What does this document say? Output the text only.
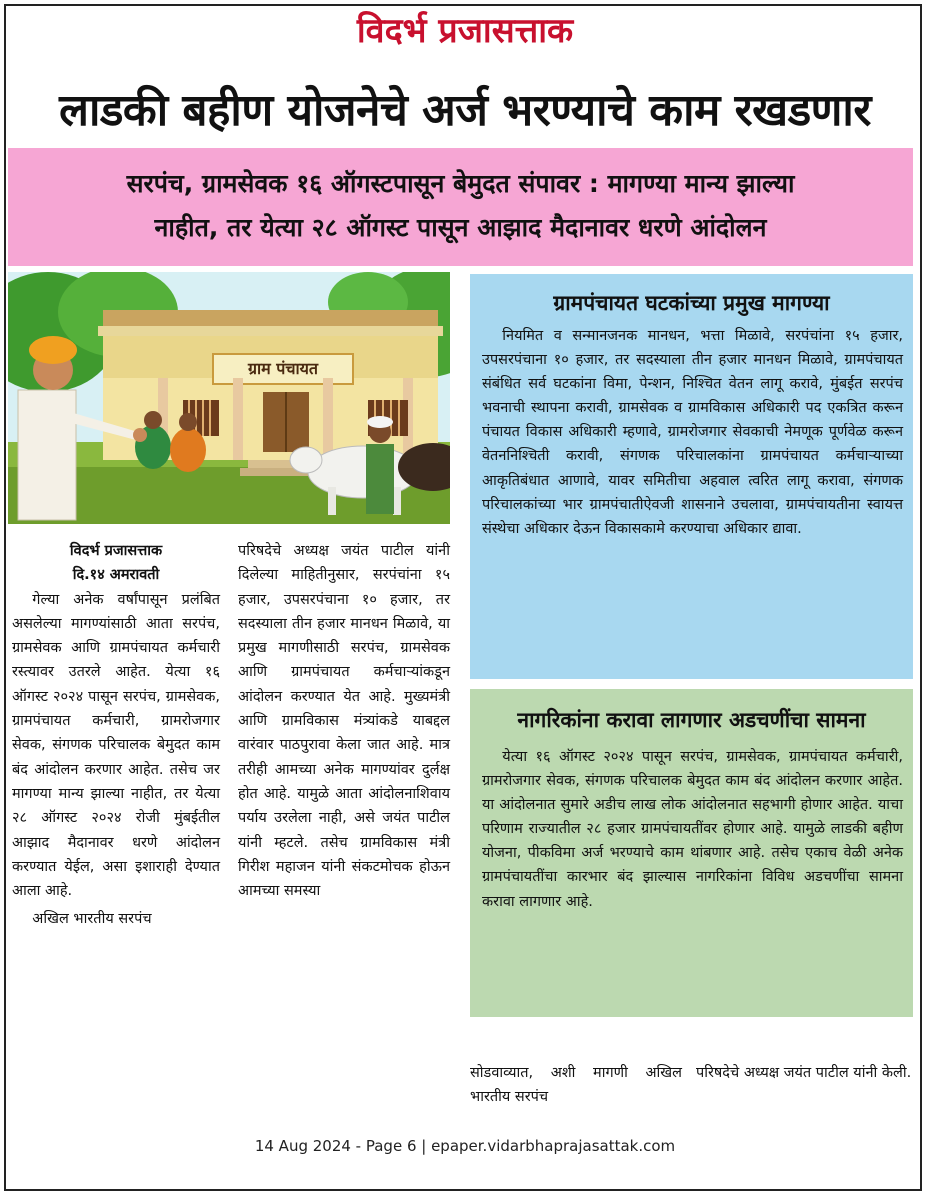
विदर्भ प्रजासत्ताक
लाडकी बहीण योजनेचे अर्ज भरण्याचे काम रखडणार
सरपंच, ग्रामसेवक १६ ऑगस्टपासून बेमुदत संपावर : मागण्या मान्य झाल्या
नाहीत, तर येत्या २८ ऑगस्ट पासून आझाद मैदानावर धरणे आंदोलन
ग्राम पंचायत

विदर्भ प्रजासत्ताक

दि.१४ अमरावती

गेल्या अनेक वर्षांपासून प्रलंबित असलेल्या मागण्यांसाठी आता सरपंच, ग्रामसेवक आणि ग्रामपंचायत कर्मचारी रस्त्यावर उतरले आहेत. येत्या १६ ऑगस्ट २०२४ पासून सरपंच, ग्रामसेवक, ग्रामपंचायत कर्मचारी, ग्रामरोजगार सेवक, संगणक परिचालक बेमुदत काम बंद आंदोलन करणार आहेत. तसेच जर मागण्या मान्य झाल्या नाहीत, तर येत्या २८ ऑगस्ट २०२४ रोजी मुंबईतील आझाद मैदानावर धरणे आंदोलन करण्यात येईल, असा इशाराही देण्यात आला आहे.

अखिल भारतीय सरपंच

परिषदेचे अध्यक्ष जयंत पाटील यांनी दिलेल्या माहितीनुसार, सरपंचांना १५ हजार, उपसरपंचाना १० हजार, तर सदस्याला तीन हजार मानधन मिळावे, या प्रमुख मागणीसाठी सरपंच, ग्रामसेवक आणि ग्रामपंचायत कर्मचाऱ्यांकडून आंदोलन करण्यात येत आहे. मुख्यमंत्री आणि ग्रामविकास मंत्र्यांकडे याबद्दल वारंवार पाठपुरावा केला जात आहे. मात्र तरीही आमच्या अनेक मागण्यांवर दुर्लक्ष होत आहे. यामुळे आता आंदोलनाशिवाय पर्याय उरलेला नाही, असे जयंत पाटील यांनी म्हटले. तसेच ग्रामविकास मंत्री गिरीश महाजन यांनी संकटमोचक होऊन आमच्या समस्या

ग्रामपंचायत घटकांच्या प्रमुख मागण्या
नियमित व सन्मानजनक मानधन, भत्ता मिळावे, सरपंचांना १५ हजार, उपसरपंचाना १० हजार, तर सदस्याला तीन हजार मानधन मिळावे, ग्रामपंचायत संबंधित सर्व घटकांना विमा, पेन्शन, निश्चित वेतन लागू करावे, मुंबईत सरपंच भवनाची स्थापना करावी, ग्रामसेवक व ग्रामविकास अधिकारी पद एकत्रित करून पंचायत विकास अधिकारी म्हणावे, ग्रामरोजगार सेवकाची नेमणूक पूर्णवेळ करून वेतननिश्चिती करावी, संगणक परिचालकांना ग्रामपंचायत कर्मचाऱ्याच्या आकृतिबंधात आणावे, यावर समितीचा अहवाल त्वरित लागू करावा, संगणक परिचालकांच्या भार ग्रामपंचातीऐवजी शासनाने उचलावा, ग्रामपंचायतीना स्वायत्त संस्थेचा अधिकार देऊन विकासकामे करण्याचा अधिकार द्यावा.
नागरिकांना करावा लागणार अडचणींचा सामना
येत्या १६ ऑगस्ट २०२४ पासून सरपंच, ग्रामसेवक, ग्रामपंचायत कर्मचारी, ग्रामरोजगार सेवक, संगणक परिचालक बेमुदत काम बंद आंदोलन करणार आहेत. या आंदोलनात सुमारे अडीच लाख लोक आंदोलनात सहभागी होणार आहेत. याचा परिणाम राज्यातील २८ हजार ग्रामपंचायतींवर होणार आहे. यामुळे लाडकी बहीण योजना, पीकविमा अर्ज भरण्याचे काम थांबणार आहे. तसेच एकाच वेळी अनेक ग्रामपंचायतींचा कारभार बंद झाल्यास नागरिकांना विविध अडचणींचा सामना करावा लागणार आहे.

सोडवाव्यात, अशी मागणी अखिल भारतीय सरपंच

परिषदेचे अध्यक्ष जयंत पाटील यांनी केली.

14 Aug 2024 - Page 6 | epaper.vidarbhaprajasattak.com
